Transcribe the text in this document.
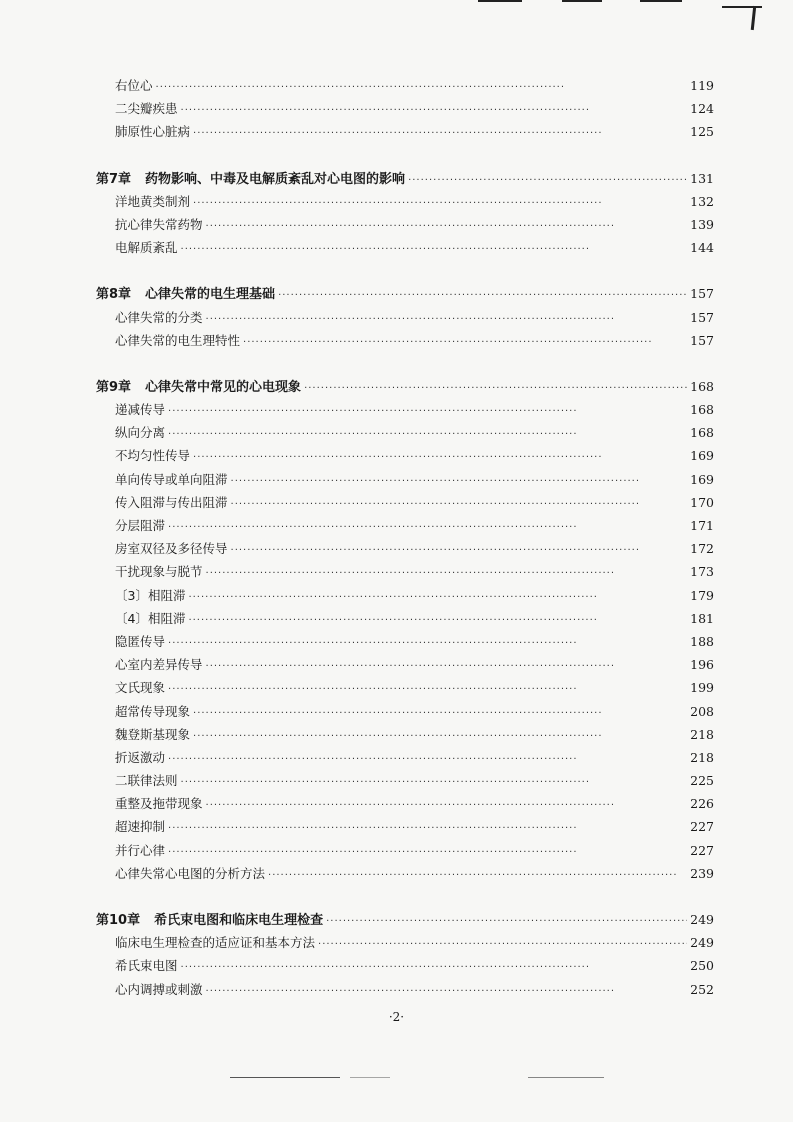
右位心 ·····	119
二尖瓣疾患 ·····	124
肺原性心脏病 ·····	125
第7章 药物影响、中毒及电解质紊乱对心电图的影响 ·····	131
洋地黄类制剂 ·····	132
抗心律失常药物 ·····	139
电解质紊乱 ·····	144
第8章 心律失常的电生理基础 ·····	157
心律失常的分类 ·····	157
心律失常的电生理特性 ·····	157
第9章 心律失常中常见的心电现象 ·····	168
递减传导 ·····	168
纵向分离 ·····	168
不均匀性传导 ·····	169
单向传导或单向阻滞 ·····	169
传入阻滞与传出阻滞 ·····	170
分层阻滞 ·····	171
房室双径及多径传导 ·····	172
干扰现象与脱节 ·····	173
〔3〕相阻滞 ·····	179
〔4〕相阻滞 ·····	181
隐匿传导 ·····	188
心室内差异传导 ·····	196
文氏现象 ·····	199
超常传导现象 ·····	208
魏登斯基现象 ·····	218
折返激动 ·····	218
二联律法则 ·····	225
重整及拖带现象 ·····	226
超速抑制 ·····	227
并行心律 ·····	227
心律失常心电图的分析方法 ·····	239
第10章 希氏束电图和临床电生理检查 ·····	249
临床电生理检查的适应证和基本方法 ·····	249
希氏束电图 ·····	250
心内调搏或刺激 ·····	252
·2·
